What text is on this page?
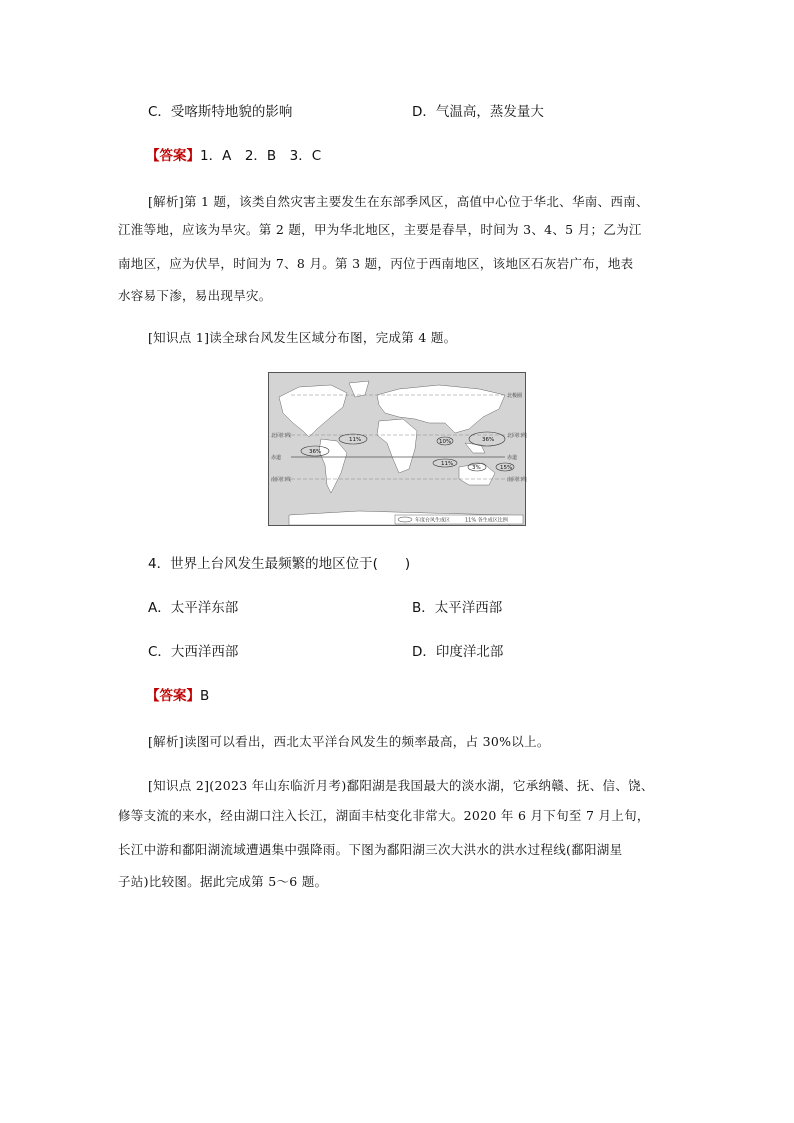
C．受喀斯特地貌的影响	D．气温高，蒸发量大
【答案】1．A　2．B　3．C
[解析]第 1 题，该类自然灾害主要发生在东部季风区，高值中心位于华北、华南、西南、
江淮等地，应该为旱灾。第 2 题，甲为华北地区，主要是春旱，时间为 3、4、5 月；乙为江
南地区，应为伏旱，时间为 7、8 月。第 3 题，丙位于西南地区，该地区石灰岩广布，地表
水容易下渗，易出现旱灾。
[知识点 1]读全球台风发生区域分布图，完成第 4 题。
北回归线
赤道
南回归线
北极圈
北回归线
赤道
南回归线
11%
36%
36%
10%
11%
3%	15%
年度台风生成区	11% 各生成区比例
4．世界上台风发生最频繁的地区位于(　　)
A．太平洋东部	B．太平洋西部
C．大西洋西部	D．印度洋北部
【答案】B
[解析]读图可以看出，西北太平洋台风发生的频率最高，占 30%以上。
[知识点 2](2023 年山东临沂月考)鄱阳湖是我国最大的淡水湖，它承纳赣、抚、信、饶、
修等支流的来水，经由湖口注入长江，湖面丰枯变化非常大。2020 年 6 月下旬至 7 月上旬，
长江中游和鄱阳湖流域遭遇集中强降雨。下图为鄱阳湖三次大洪水的洪水过程线(鄱阳湖星
子站)比较图。据此完成第 5～6 题。
